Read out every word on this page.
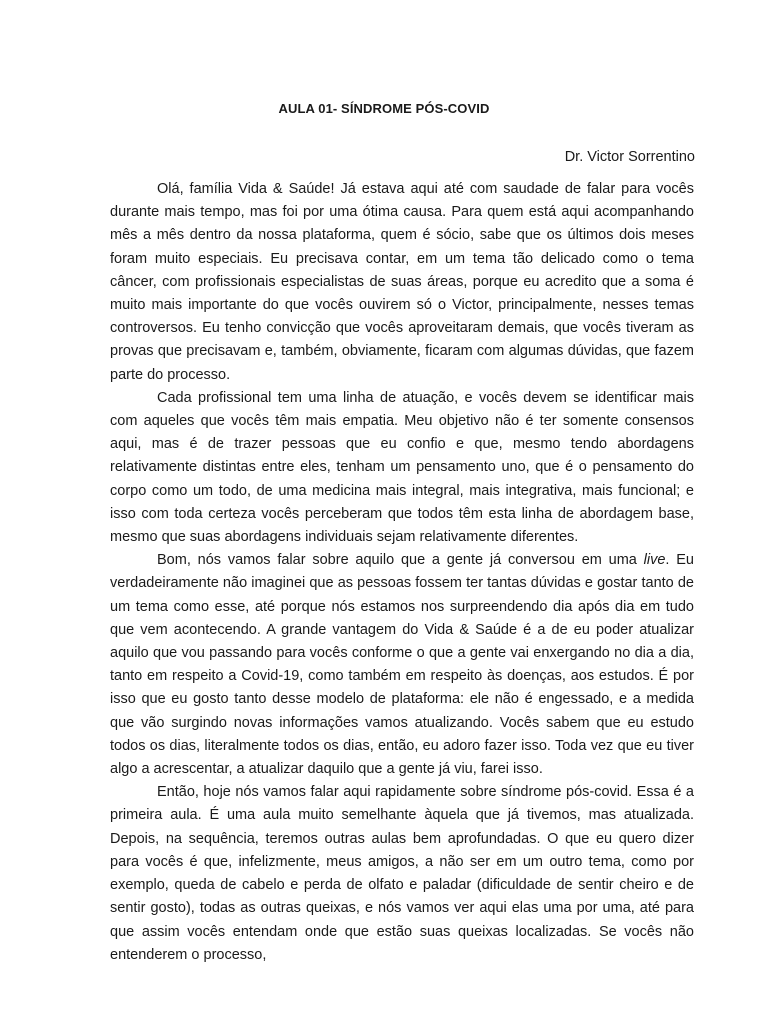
AULA 01- SÍNDROME PÓS-COVID

Dr. Victor Sorrentino

Olá, família Vida & Saúde! Já estava aqui até com saudade de falar para vocês durante mais tempo, mas foi por uma ótima causa. Para quem está aqui acompanhando mês a mês dentro da nossa plataforma, quem é sócio, sabe que os últimos dois meses foram muito especiais. Eu precisava contar, em um tema tão delicado como o tema câncer, com profissionais especialistas de suas áreas, porque eu acredito que a soma é muito mais importante do que vocês ouvirem só o Victor, principalmente, nesses temas controversos. Eu tenho convicção que vocês aproveitaram demais, que vocês tiveram as provas que precisavam e, também, obviamente, ficaram com algumas dúvidas, que fazem parte do processo.

Cada profissional tem uma linha de atuação, e vocês devem se identificar mais com aqueles que vocês têm mais empatia. Meu objetivo não é ter somente consensos aqui, mas é de trazer pessoas que eu confio e que, mesmo tendo abordagens relativamente distintas entre eles, tenham um pensamento uno, que é o pensamento do corpo como um todo, de uma medicina mais integral, mais integrativa, mais funcional; e isso com toda certeza vocês perceberam que todos têm esta linha de abordagem base, mesmo que suas abordagens individuais sejam relativamente diferentes.

Bom, nós vamos falar sobre aquilo que a gente já conversou em uma live. Eu verdadeiramente não imaginei que as pessoas fossem ter tantas dúvidas e gostar tanto de um tema como esse, até porque nós estamos nos surpreendendo dia após dia em tudo que vem acontecendo. A grande vantagem do Vida & Saúde é a de eu poder atualizar aquilo que vou passando para vocês conforme o que a gente vai enxergando no dia a dia, tanto em respeito a Covid-19, como também em respeito às doenças, aos estudos. É por isso que eu gosto tanto desse modelo de plataforma: ele não é engessado, e a medida que vão surgindo novas informações vamos atualizando. Vocês sabem que eu estudo todos os dias, literalmente todos os dias, então, eu adoro fazer isso. Toda vez que eu tiver algo a acrescentar, a atualizar daquilo que a gente já viu, farei isso.

Então, hoje nós vamos falar aqui rapidamente sobre síndrome pós-covid. Essa é a primeira aula. É uma aula muito semelhante àquela que já tivemos, mas atualizada. Depois, na sequência, teremos outras aulas bem aprofundadas. O que eu quero dizer para vocês é que, infelizmente, meus amigos, a não ser em um outro tema, como por exemplo, queda de cabelo e perda de olfato e paladar (dificuldade de sentir cheiro e de sentir gosto), todas as outras queixas, e nós vamos ver aqui elas uma por uma, até para que assim vocês entendam onde que estão suas queixas localizadas. Se vocês não entenderem o processo,
